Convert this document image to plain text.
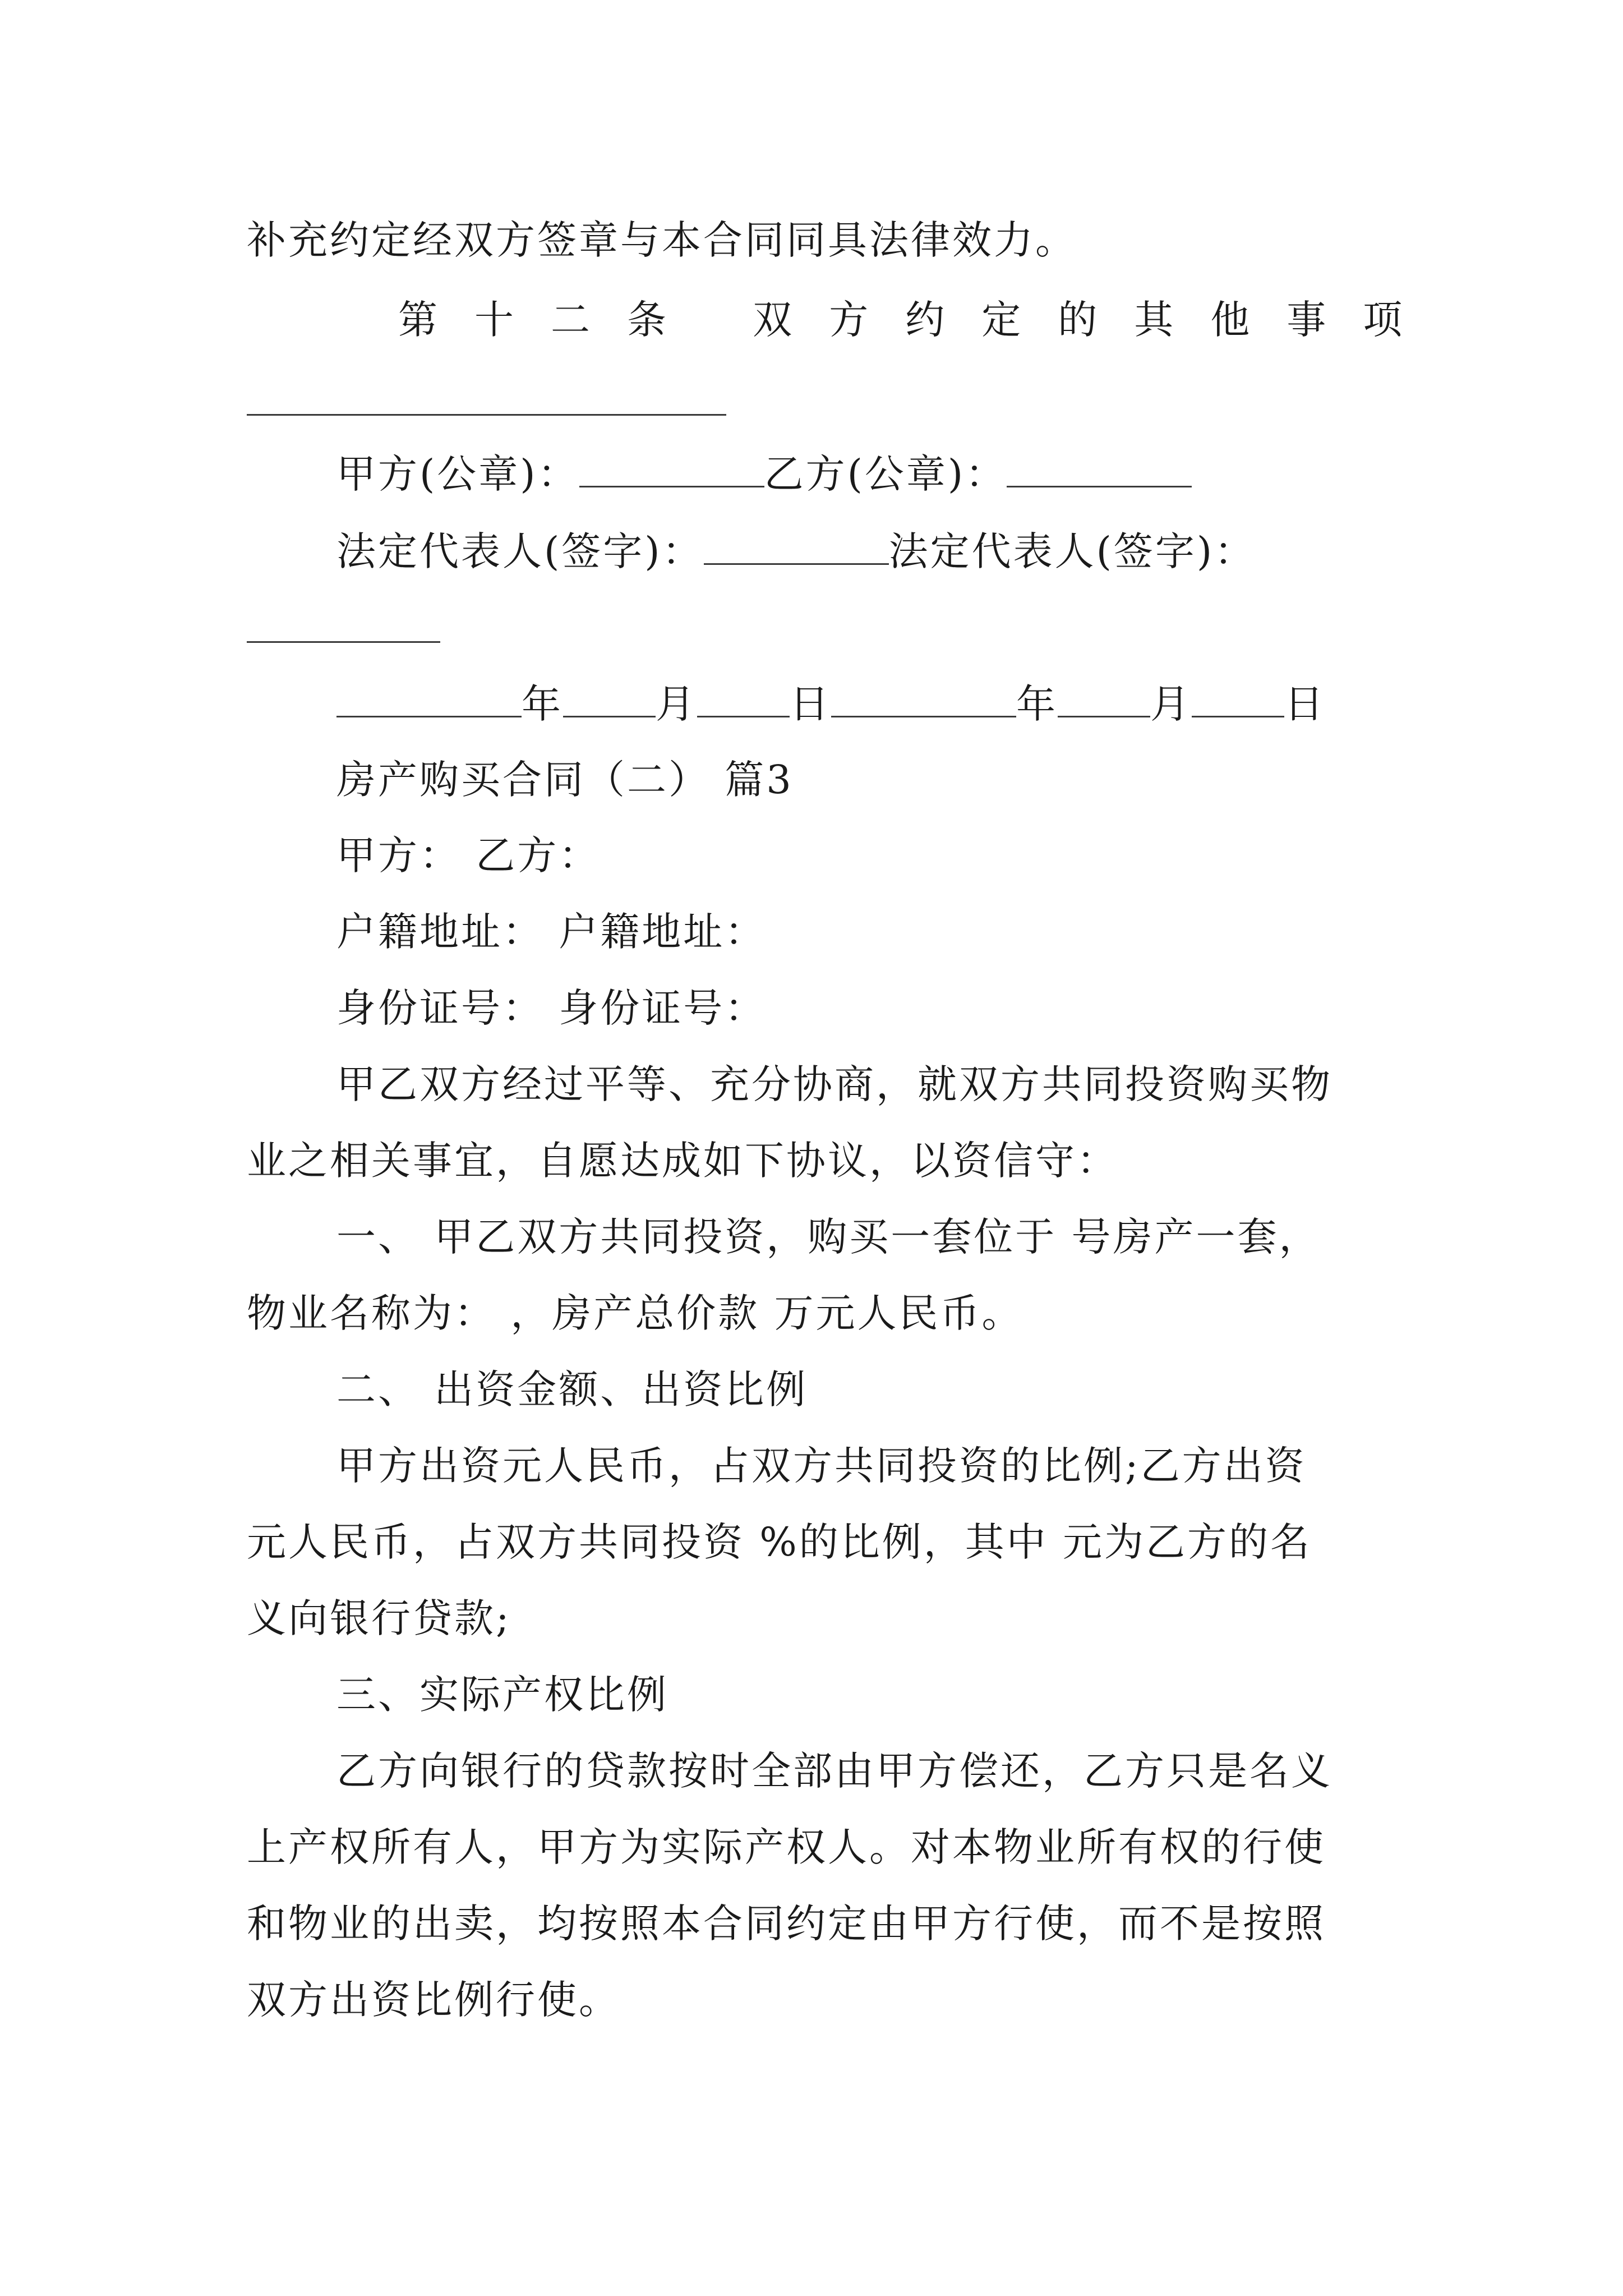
补充约定经双方签章与本合同同具法律效力。
第十二条 双方约定的其他事项
甲方(公章)：	乙方(公章)：
法定代表人(签字)：	法定代表人(签字)：
年 月 日	年 月 日
房产购买合同（二） 篇3
甲方： 乙方：
户籍地址： 户籍地址：
身份证号： 身份证号：
甲乙双方经过平等、充分协商，就双方共同投资购买物
业之相关事宜，自愿达成如下协议，以资信守：
一、 甲乙双方共同投资，购买一套位于 号房产一套，
物业名称为： ，房产总价款 万元人民币。
二、 出资金额、出资比例
甲方出资元人民币，占双方共同投资的比例;乙方出资
元人民币，占双方共同投资 %的比例，其中 元为乙方的名
义向银行贷款;
三、实际产权比例
乙方向银行的贷款按时全部由甲方偿还，乙方只是名义
上产权所有人，甲方为实际产权人。对本物业所有权的行使
和物业的出卖，均按照本合同约定由甲方行使，而不是按照
双方出资比例行使。
